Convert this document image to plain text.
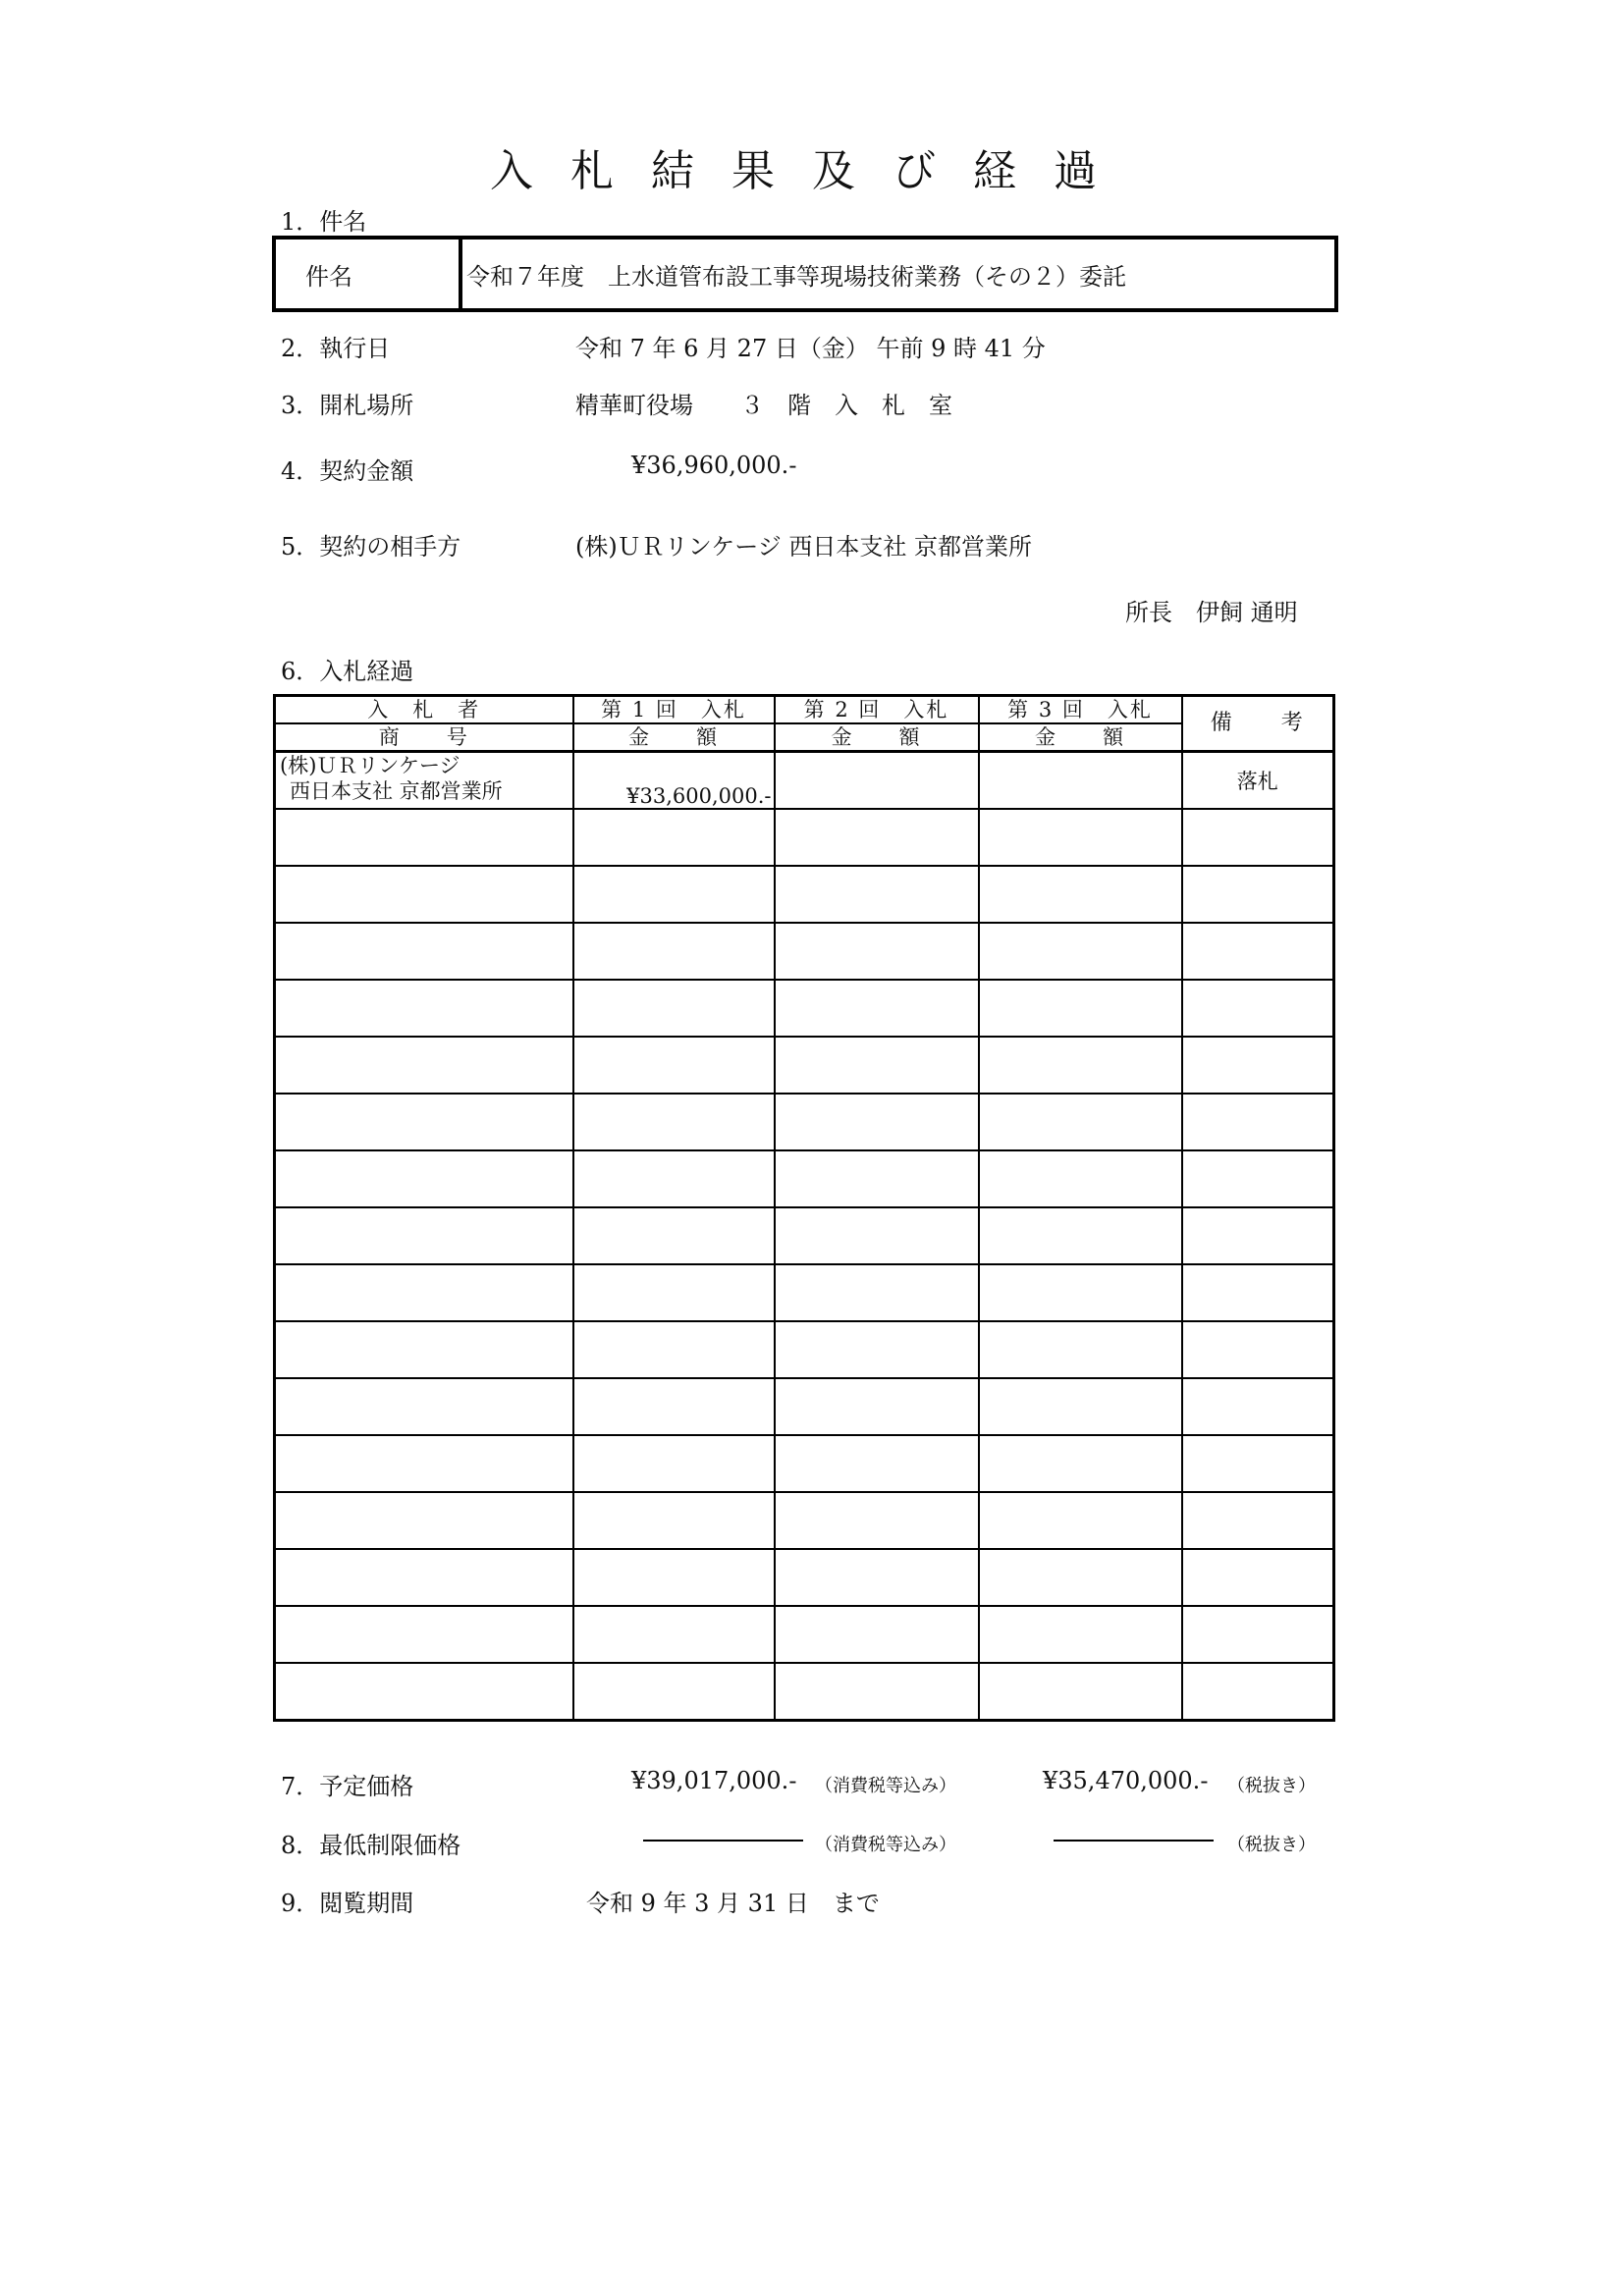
入札結果及び経過
1．件名
件名	令和７年度　上水道管布設工事等現場技術業務（その２）委託
2．執行日	令和 7 年 6 月 27 日（金） 午前 9 時 41 分
3．開札場所	精華町役場　　３　階　入　札　室
4．契約金額	¥36,960,000.-
5．契約の相手方	(株)ＵＲリンケージ 西日本支社 京都営業所
所長　伊飼 通明
6．入札経過
入　札　者	第 1 回　入札	第 2 回　入札	第 3 回　入札	備　　考
商　　号	金　　額	金　　額	金　　額	

(株)ＵＲリンケージ
西日本支社 京都営業所	¥33,600,000.-			落札

7．予定価格	¥39,017,000.- （消費税等込み）	¥35,470,000.- （税抜き）
8．最低制限価格	（消費税等込み）	（税抜き）
9．閲覧期間	令和 9 年 3 月 31 日　まで
